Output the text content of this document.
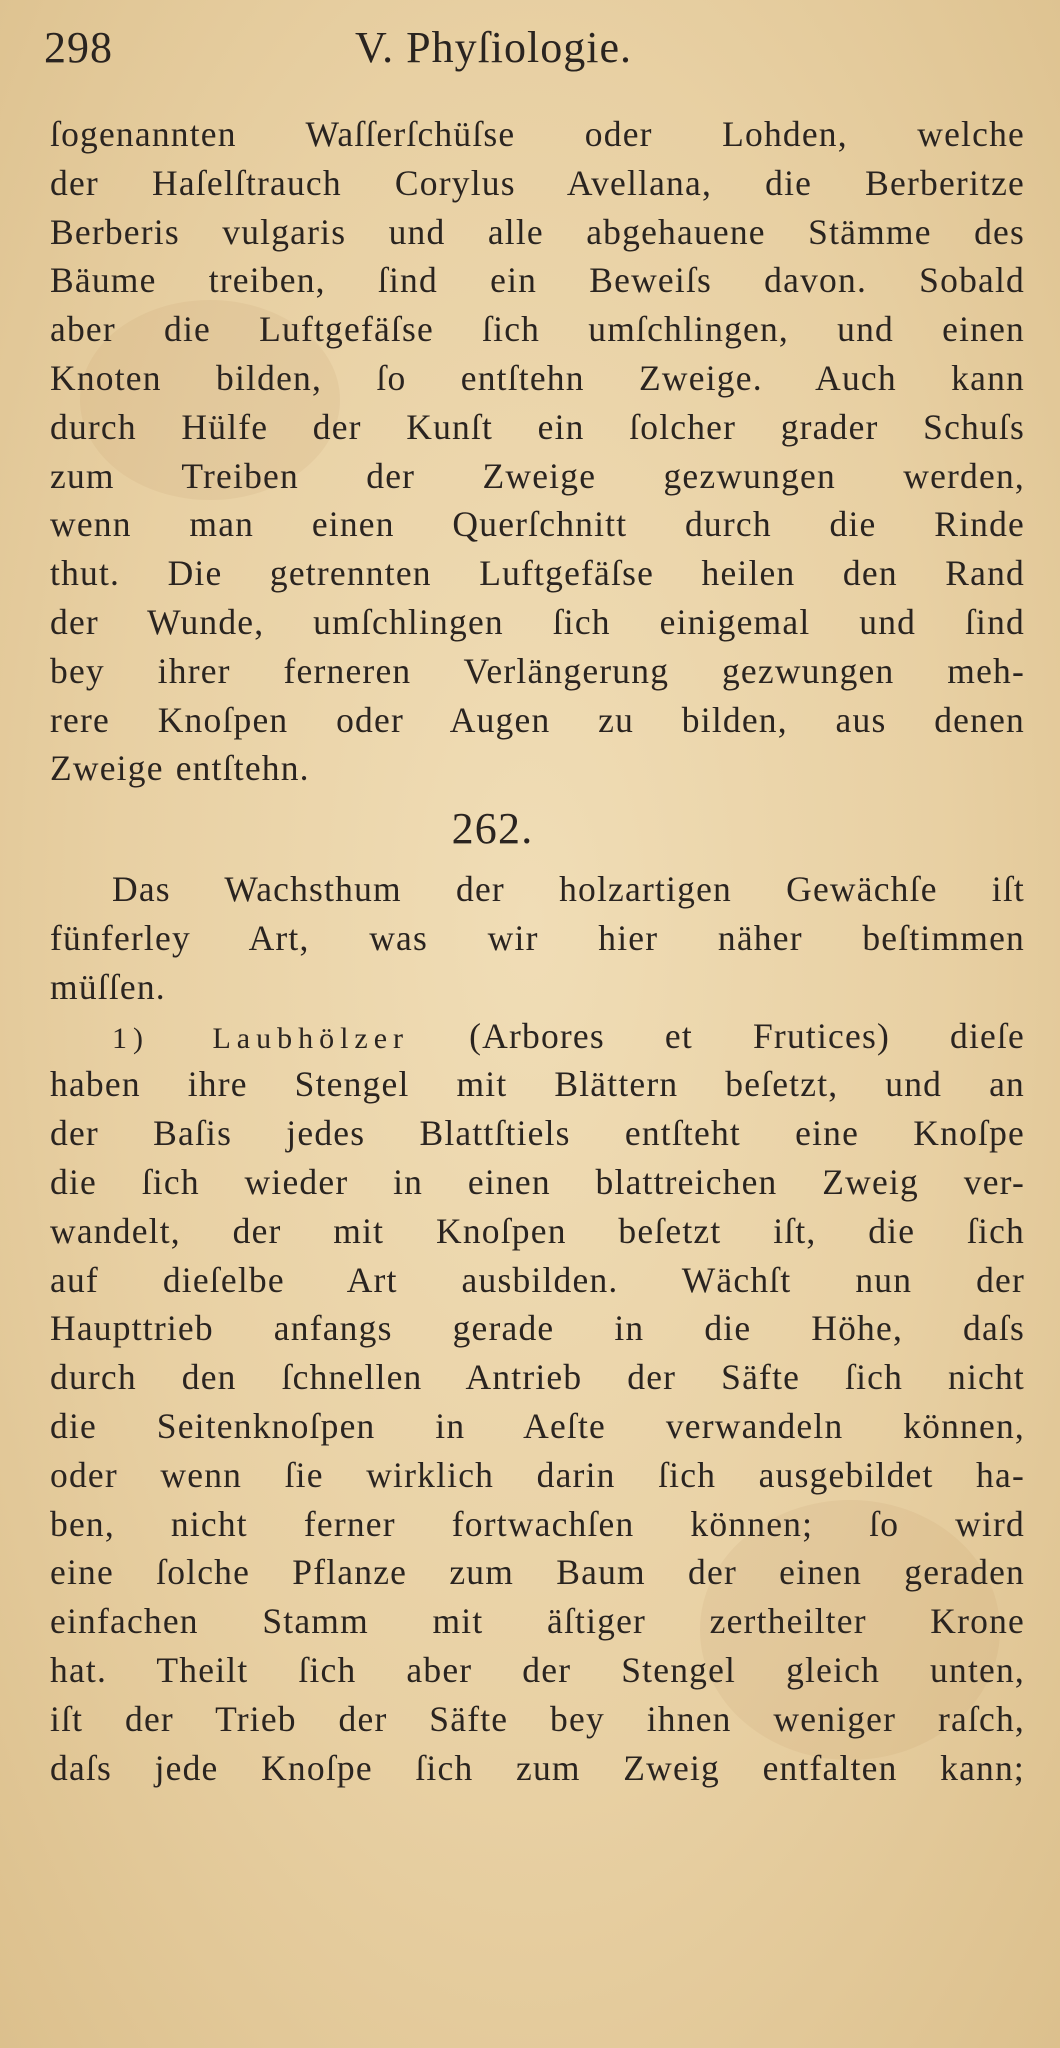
298	V. Phyſiologie.
ſogenannten Waſſerſchüſse oder Lohden, welche
der Haſelſtrauch Corylus Avellana, die Berberitze
Berberis vulgaris und alle abgehauene Stämme des
Bäume treiben, ſind ein Beweiſs davon. Sobald
aber die Luftgefäſse ſich umſchlingen, und einen
Knoten bilden, ſo entſtehn Zweige. Auch kann
durch Hülfe der Kunſt ein ſolcher grader Schuſs
zum Treiben der Zweige gezwungen werden,
wenn man einen Querſchnitt durch die Rinde
thut. Die getrennten Luftgefäſse heilen den Rand
der Wunde, umſchlingen ſich einigemal und ſind
bey ihrer ferneren Verlängerung gezwungen meh-
rere Knoſpen oder Augen zu bilden, aus denen
Zweige entſtehn.
262.
Das Wachsthum der holzartigen Gewächſe iſt
fünferley Art, was wir hier näher beſtimmen
müſſen.
1) Laubhölzer (Arbores et Frutices) dieſe
haben ihre Stengel mit Blättern beſetzt, und an
der Baſis jedes Blattſtiels entſteht eine Knoſpe
die ſich wieder in einen blattreichen Zweig ver-
wandelt, der mit Knoſpen beſetzt iſt, die ſich
auf dieſelbe Art ausbilden. Wächſt nun der
Haupttrieb anfangs gerade in die Höhe, daſs
durch den ſchnellen Antrieb der Säfte ſich nicht
die Seitenknoſpen in Aeſte verwandeln können,
oder wenn ſie wirklich darin ſich ausgebildet ha-
ben, nicht ferner fortwachſen können; ſo wird
eine ſolche Pflanze zum Baum der einen geraden
einfachen Stamm mit äſtiger zertheilter Krone
hat. Theilt ſich aber der Stengel gleich unten,
iſt der Trieb der Säfte bey ihnen weniger raſch,
daſs jede Knoſpe ſich zum Zweig entfalten kann;
